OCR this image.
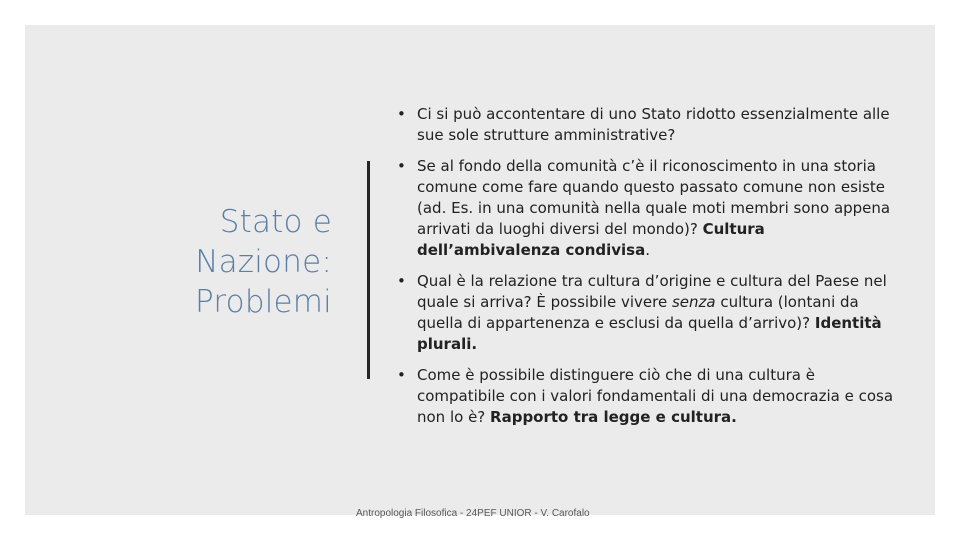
Stato e
Nazione:
Problemi
• Ci si può accontentare di uno Stato ridotto essenzialmente alle sue sole strutture amministrative?
• Se al fondo della comunità c’è il riconoscimento in una storia comune come fare quando questo passato comune non esiste (ad. Es. in una comunità nella quale moti membri sono appena arrivati da luoghi diversi del mondo)? Cultura dell’ambivalenza condivisa.
• Qual è la relazione tra cultura d’origine e cultura del Paese nel quale si arriva? È possibile vivere senza cultura (lontani da quella di appartenenza e esclusi da quella d’arrivo)? Identità plurali.
• Come è possibile distinguere ciò che di una cultura è compatibile con i valori fondamentali di una democrazia e cosa non lo è? Rapporto tra legge e cultura.
Antropologia Filosofica - 24PEF UNIOR - V. Carofalo
